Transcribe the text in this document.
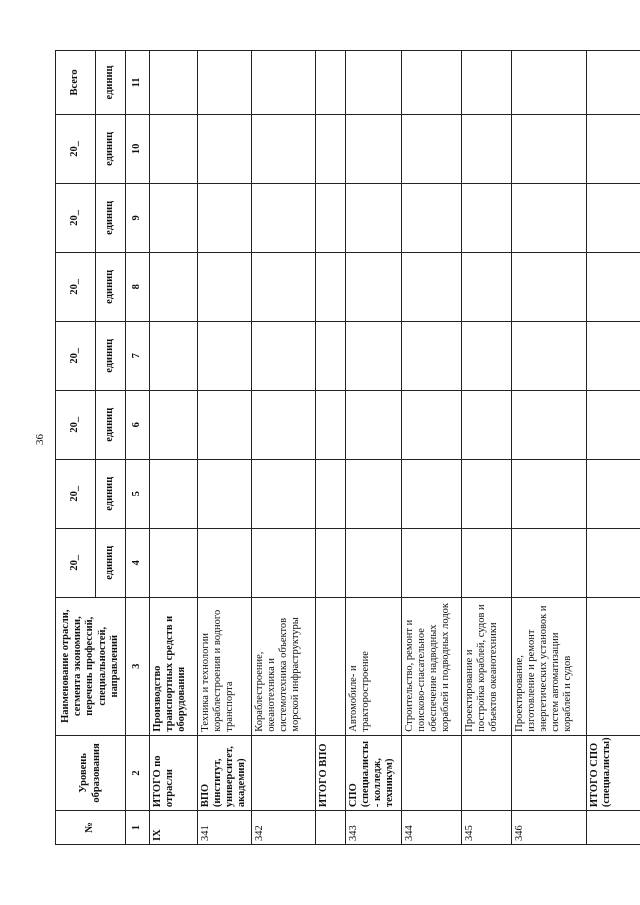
36
№	Уровень образования	Наименование отрасли, сегмента экономики, перечень профессий, специальностей, направлений	20_	20_	20_	20_	20_	20_	20_	Всего
			единиц	единиц	единиц	единиц	единиц	единиц	единиц	единиц
1	2	3	4	5	6	7	8	9	10	11
IX	ИТОГО по отрасли	Производство транспортных средств и оборудования								
341	ВПО (институт, университет, академия)	Техника и технологии кораблестроения и водного транспорта								
342		Кораблестроение, океанотехника и системотехника объектов морской инфраструктуры								
	ИТОГО ВПО									
343	СПО (специалисты - колледж, техникум)	Автомобиле- и тракторостроение								
344		Строительство, ремонт и поисково-спасательное обеспечение надводных кораблей и подводных лодок								
345		Проектирование и постройка кораблей, судов и объектов океанотехники								
346		Проектирование, изготовление и ремонт энергетических установок и систем автоматизации кораблей и судов								
	ИТОГО СПО (специалисты)									
